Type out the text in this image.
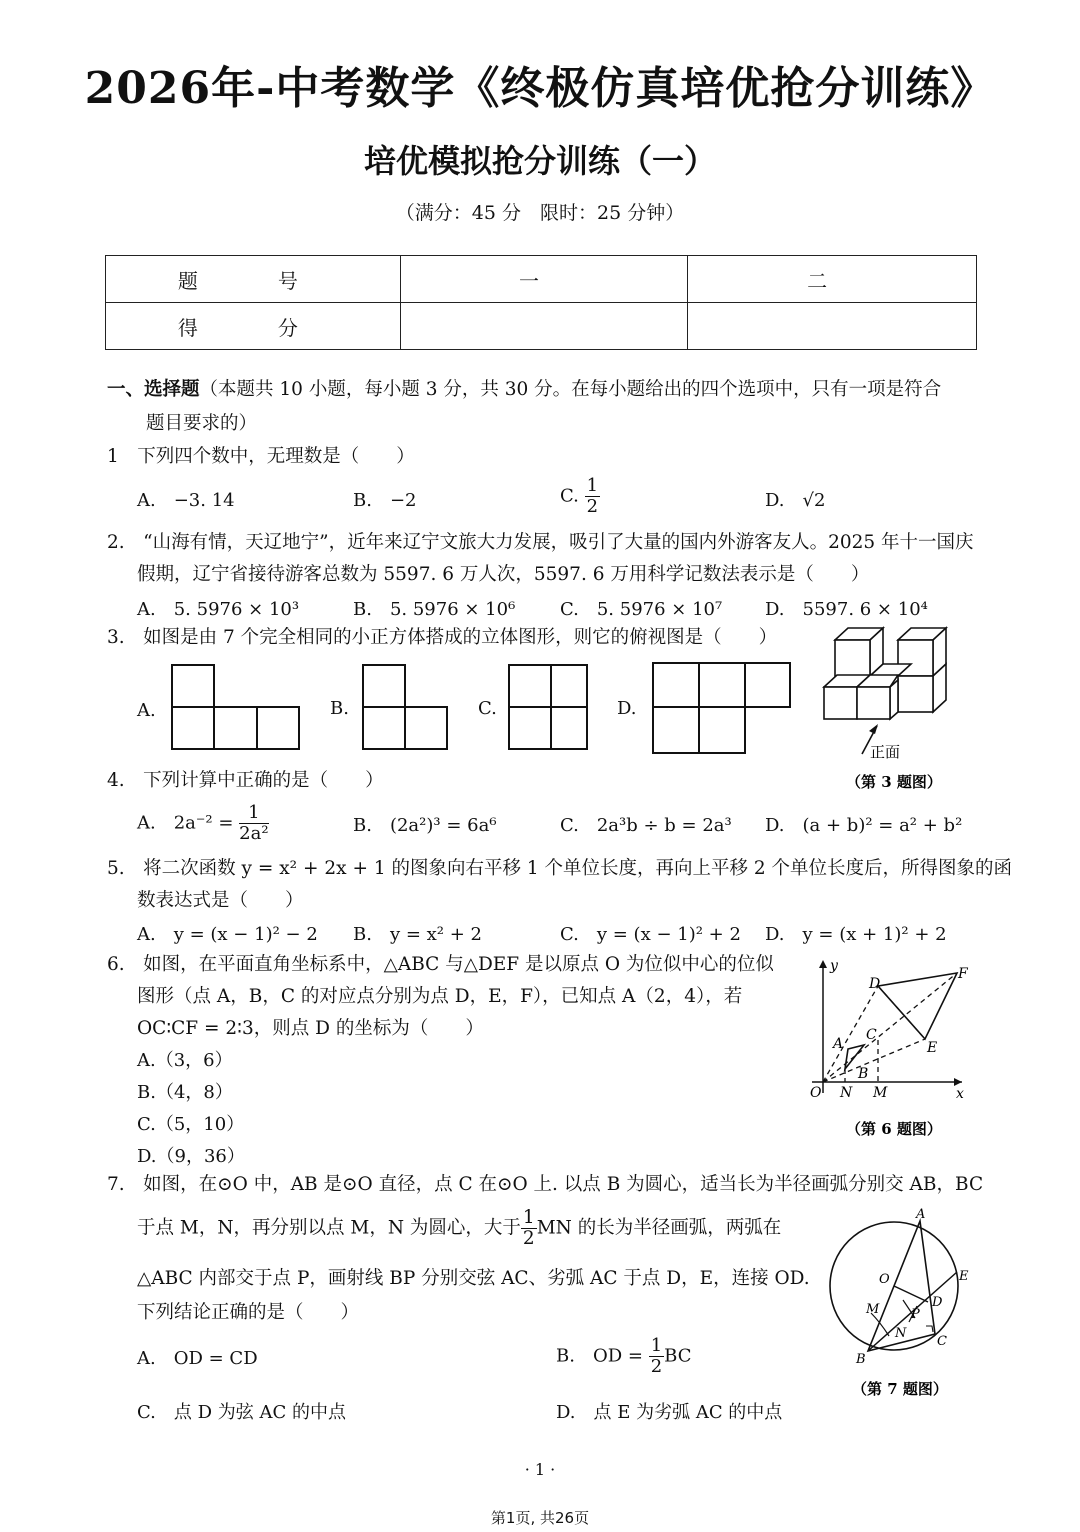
2026年-中考数学《终极仿真培优抢分训练》
培优模拟抢分训练（一）
（满分：45 分　限时：25 分钟）
题　号	一	二
得　分		
一、选择题（本题共 10 小题，每小题 3 分，共 30 分。在每小题给出的四个选项中，只有一项是符合
题目要求的）
1　下列四个数中，无理数是（　　）
A.　−3. 14	B.　−2	C. $\frac{1}{2}$	D.　√2
2.　“山海有情，天辽地宁”，近年来辽宁文旅大力发展，吸引了大量的国内外游客友人。2025 年十一国庆
假期，辽宁省接待游客总数为 5597. 6 万人次，5597. 6 万用科学记数法表示是（　　）
A.　5. 5976 × 10³	B.　5. 5976 × 10⁶ C.　5. 5976 × 10⁷ D.　5597. 6 × 10⁴
3.　如图是由 7 个完全相同的小正方体搭成的立体图形，则它的俯视图是（　　）
A.	B.	C.	D.
正面
（第 3 题图）
y
x
O N M
A
B
C
D
E
F
（第 6 题图）
A
B
C
D
E
O
M
N
P
（第 7 题图）
4.　下列计算中正确的是（　　）
A.　$2a^{-2} = \frac{1}{\text{2a²}}$	B.　(2a²)³ = 6a⁶	C.　2a³b ÷ b = 2a³ D.　(a + b)² = a² + b²
5.　将二次函数 y = x² + 2x + 1 的图象向右平移 1 个单位长度，再向上平移 2 个单位长度后，所得图象的函
数表达式是（　　）
A.　y = (x − 1)² − 2 B.　y = x² + 2	C.　y = (x − 1)² + 2 D.　y = (x + 1)² + 2
6.　如图，在平面直角坐标系中，△ABC 与△DEF 是以原点 O 为位似中心的位似
图形（点 A，B，C 的对应点分别为点 D，E，F），已知点 A（2，4），若
OC∶CF = 2∶3，则点 D 的坐标为（　　）
A.（3，6）
B.（4，8）
C.（5，10）
D.（9，36）
7.　如图，在⊙O 中，AB 是⊙O 直径，点 C 在⊙O 上. 以点 B 为圆心，适当长为半径画弧分别交 AB，BC
于点 M，N，再分别以点 M，N 为圆心，大于 $\frac{1}{2}$ MN 的长为半径画弧，两弧在
△ABC 内部交于点 P，画射线 BP 分别交弦 AC、劣弧 AC 于点 D，E，连接 OD.
下列结论正确的是（　　）
A.　OD = CD	B.　OD = $\frac{1}{2}$ BC
C.　点 D 为弦 AC 的中点	D.　点 E 为劣弧 AC 的中点
· 1 ·
第1页, 共26页
